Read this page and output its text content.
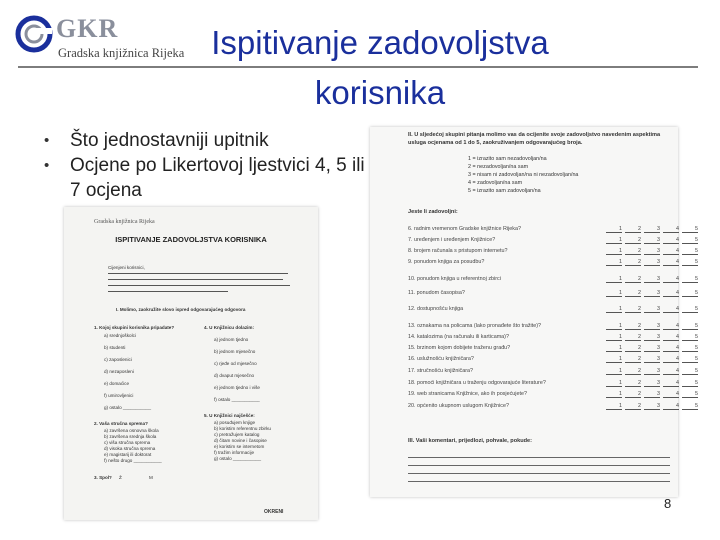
GKR
Gradska knjižnica Rijeka Ispitivanje zadovoljstva
korisnika
• Što jednostavniji upitnik
• Ocjene po Likertovoj ljestvici 4, 5 ili 7 ocjena
Gradska knjižnica Rijeka
ISPITIVANJE ZADOVOLJSTVA KORISNIKA
Cijenjeni korisnici,
I. Molimo, zaokružite slovo ispred odgovarajućeg odgovora
1. Kojoj skupini korisnika pripadate?
a) srednjoškolci
b) studenti
c) zaposlenici
d) nezaposleni
e) domaćice
f) umirovljenici
g) ostalo ___________
4. U Knjižnicu dolazim:
a) jednom tjedno
b) jednom mjesečno
c) rjeđe od mjesečno
d) dvaput mjesečno
e) jednom tjedno i više
f) ostalo ___________
2. Vaša stručna sprema?
a) završena osnovna škola
b) završena srednja škola
c) viša stručna sprema
d) visoka stručna sprema
e) magistarij ili doktorat
f) nešto drugo ___________
5. U Knjižnici najčešće:
a) posuđujem knjige
b) koristim referentnu zbirku
c) pretražujem katalog
d) čitam novine i časopise
e) koristim se internetom
f) tražim informacije
g) ostalo ___________
3. Spol? Ž	M
OKRENI
II. U sljedećoj skupini pitanja molimo vas da ocijenite svoje zadovoljstvo navedenim aspektima usluga ocjenama od 1 do 5, zaokruživanjem odgovarajućeg broja.
1 = izrazito sam nezadovoljan/na
2 = nezadovoljan/na sam
3 = nisam ni zadovoljan/na ni nezadovoljan/na
4 = zadovoljan/na sam
5 = izrazito sam zadovoljan/na
Jeste li zadovoljni:
6. radnim vremenom Gradske knjižnice Rijeka?	1	2	3	4	5
7. uređenjem i uređenjem Knjižnice?	1	2	3	4	5
8. brojem računala s pristupom internetu?	1	2	3	4	5
9. ponudom knjiga za posudbu?	1	2	3	4	5
10. ponudom knjiga u referentnoj zbirci	1	2	3	4	5
11. ponudom časopisa?	1	2	3	4	5
12. dostupnošću knjiga	1	2	3	4	5
13. oznakama na policama (lako pronađete što tražite)?	1	2	3	4	5
14. katalozima (na računalu ili karticama)?	1	2	3	4	5
15. brzinom kojom dobijete traženu građu?	1	2	3	4	5
16. uslužnošću knjižničara?	1	2	3	4	5
17. stručnošću knjižničara?	1	2	3	4	5
18. pomoći knjižničara u traženju odgovarajuće literature?	1	2	3	4	5
19. web stranicama Knjižnice, ako ih posjećujete?	1	2	3	4	5
20. općenito ukupnom uslugom Knjižnice?	1	2	3	4	5
III. Vaši komentari, prijedlozi, pohvale, pokude:
8
